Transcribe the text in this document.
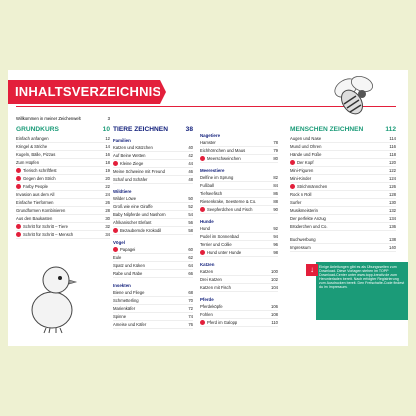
INHALTSVERZEICHNIS
Willkommen in meiner Zeichenwelt	3
GRUNDKURS	10
Einfach anfangen	12
Kringel & Striche	14
Kugeln, Bälle, Pizzas	16
Zum Hüpfen	18
Tierisch schriftfest	19
Gegen den Strich	20
Farby People	22
Invasion aus dem All	24
Einfache Tierformen	26
Grundformen Kombinieren	28
Aus den Baukasten	30
Schritt für Schritt – Tiere	32
Schritt für Schritt – Mensch	34
TIERE ZEICHNEN	38
Familien
Katzen und Kätzchen	40
Auf Beine Wetten	42
Kleine Ziege	44
Meine Schweine mit Freund	46
Schaf und Schäfer	48
Wildtiere
Wilder Löwe	50
Groß wie eine Giraffe	52
Baby Nilpferde und Nashorn	54
Afrikanischer Elefant	56
Bezaubernde Krokodil	58
Vögel
Papagei	60
Eule	62
Spatz und Küken	64
Rabe und Rabe	66
Insekten
Biene und Fliege	68
Schmetterling	70
Marienkäfer	72
Spinne	74
Ameise und Käfer	76
Nagetiere
Hamster	78
Eichhörnchen und Maus	79
Meerschweinchen	80
Meerestiere
Delfine im Sprung	82
Fußball	84
Tiefseefisch	86
Riesenkrake, Seesterne & Co.	88
Seepferdchen und Fisch	90
Hunde
Hund	92
Pudel im Sonnenbad	94
Terrier und Collie	96
Hund unter Hunde	98
Katzen
Katzen	100
Drei Katzen	102
Katzen mit Fisch	104
Pferde
Pferdeköpfe	106
Fohlen	108
Pferd im Galopp	110
MENSCHEN ZEICHNEN	112
Augen und Nase	114
Mund und Ohren	116
Hände und Füße	118
Der Kopf	120
Mini-Figuren	122
Mini-Kinder	124
Strichmännchen	126
Rock n Roll	128
Surfer	130
Musikmeisterin	132
Der perfekte Anzug	134
Brüderchen und Co.	136
Buchwerbung	138
Impressum	140
↓	Einige Anleitungen gibt es als Übungsseiten zum Download. Diese Vorlagen stehen im TOPP Download-Center unter www.topp-kreativ.de zum Herunterladen bereit. Nach erfolgter Registrierung zum Ausdrucken bereit. Den Freischalte-Code findest du im Impressum.
